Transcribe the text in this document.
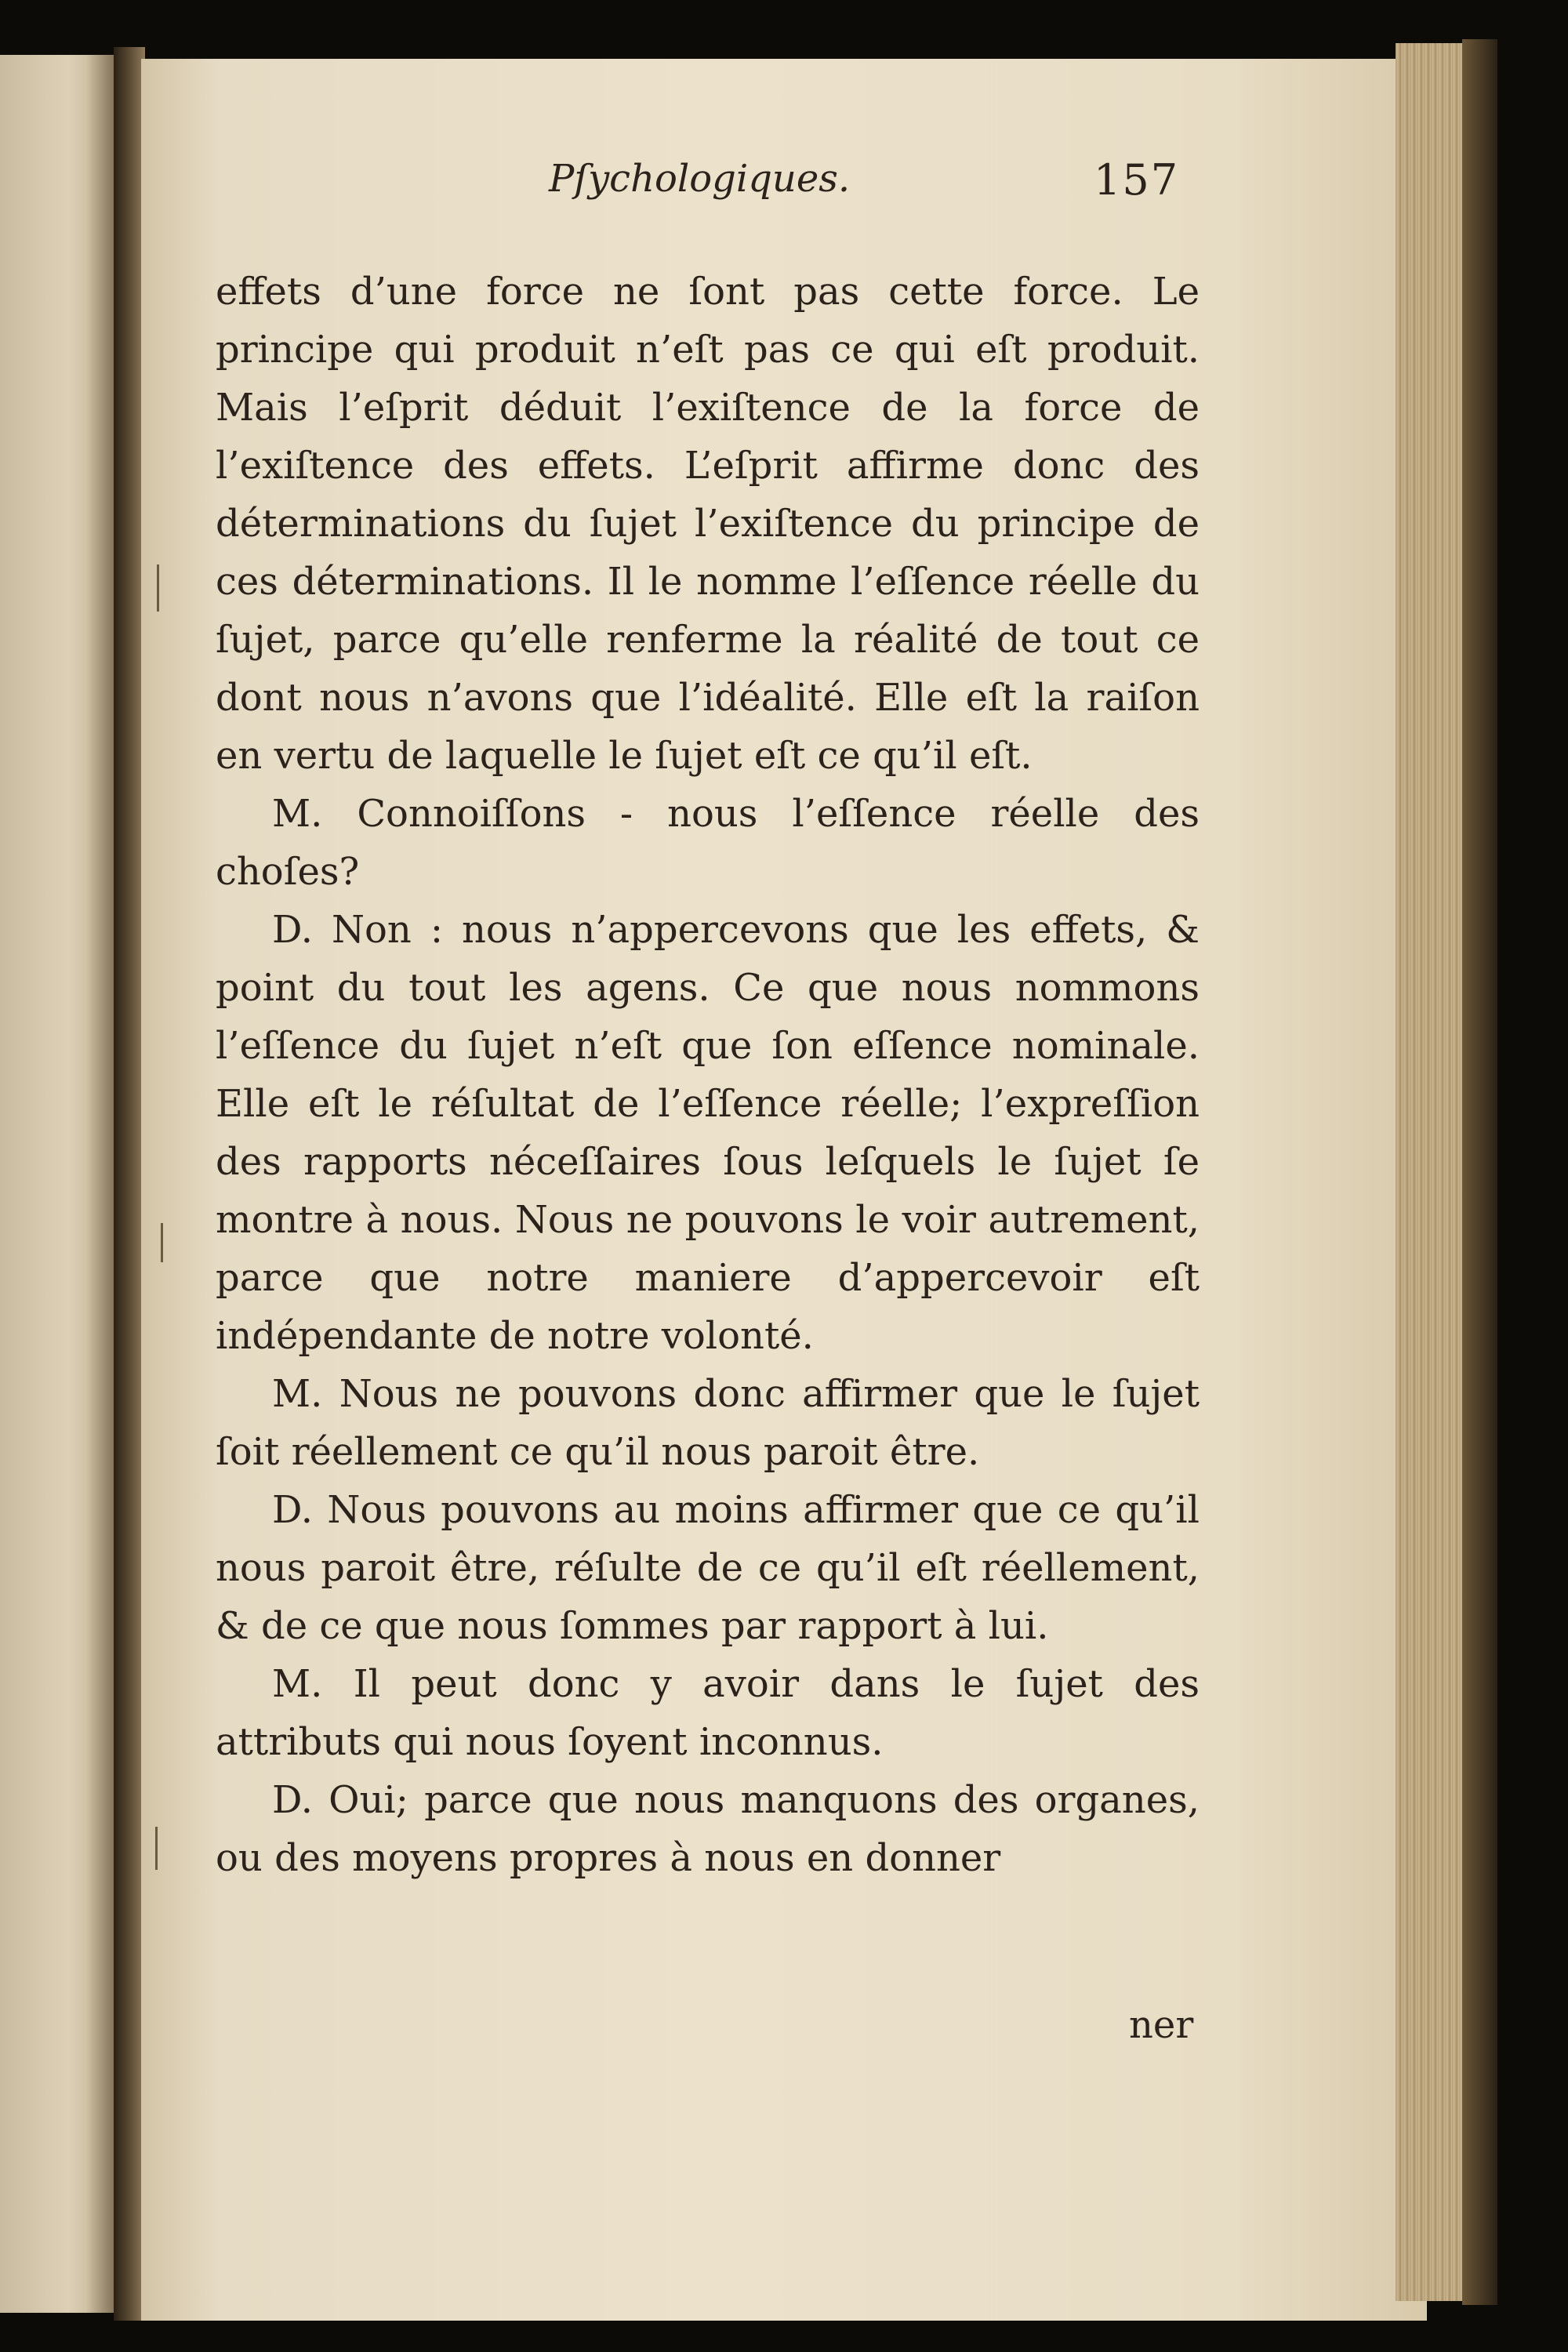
Pſychologiques.	157

effets d’une force ne ſont pas cette force. Le principe qui produit n’eſt pas ce qui eſt produit. Mais l’eſprit déduit l’exiſtence de la force de l’exiſtence des effets. L’eſprit affirme donc des déterminations du ſujet l’exiſtence du principe de ces déterminations. Il le nomme l’eſſence réelle du ſujet, parce qu’elle renferme la réalité de tout ce dont nous n’avons que l’idéalité. Elle eſt la raiſon en vertu de laquelle le ſujet eſt ce qu’il eſt.

M. Connoiſſons - nous l’eſſence réelle des choſes?

D. Non : nous n’appercevons que les effets, & point du tout les agens. Ce que nous nommons l’eſſence du ſujet n’eſt que ſon eſſence nominale. Elle eſt le réſultat de l’eſſence réelle; l’expreſſion des rapports néceſſaires ſous leſquels le ſujet ſe montre à nous. Nous ne pouvons le voir autrement, parce que notre maniere d’appercevoir eſt indépendante de notre volonté.

M. Nous ne pouvons donc affirmer que le ſujet ſoit réellement ce qu’il nous paroit être.

D. Nous pouvons au moins affirmer que ce qu’il nous paroit être, réſulte de ce qu’il eſt réellement, & de ce que nous ſommes par rapport à lui.

M. Il peut donc y avoir dans le ſujet des attributs qui nous ſoyent inconnus.

D. Oui; parce que nous manquons des organes, ou des moyens propres à nous en donner

ner
